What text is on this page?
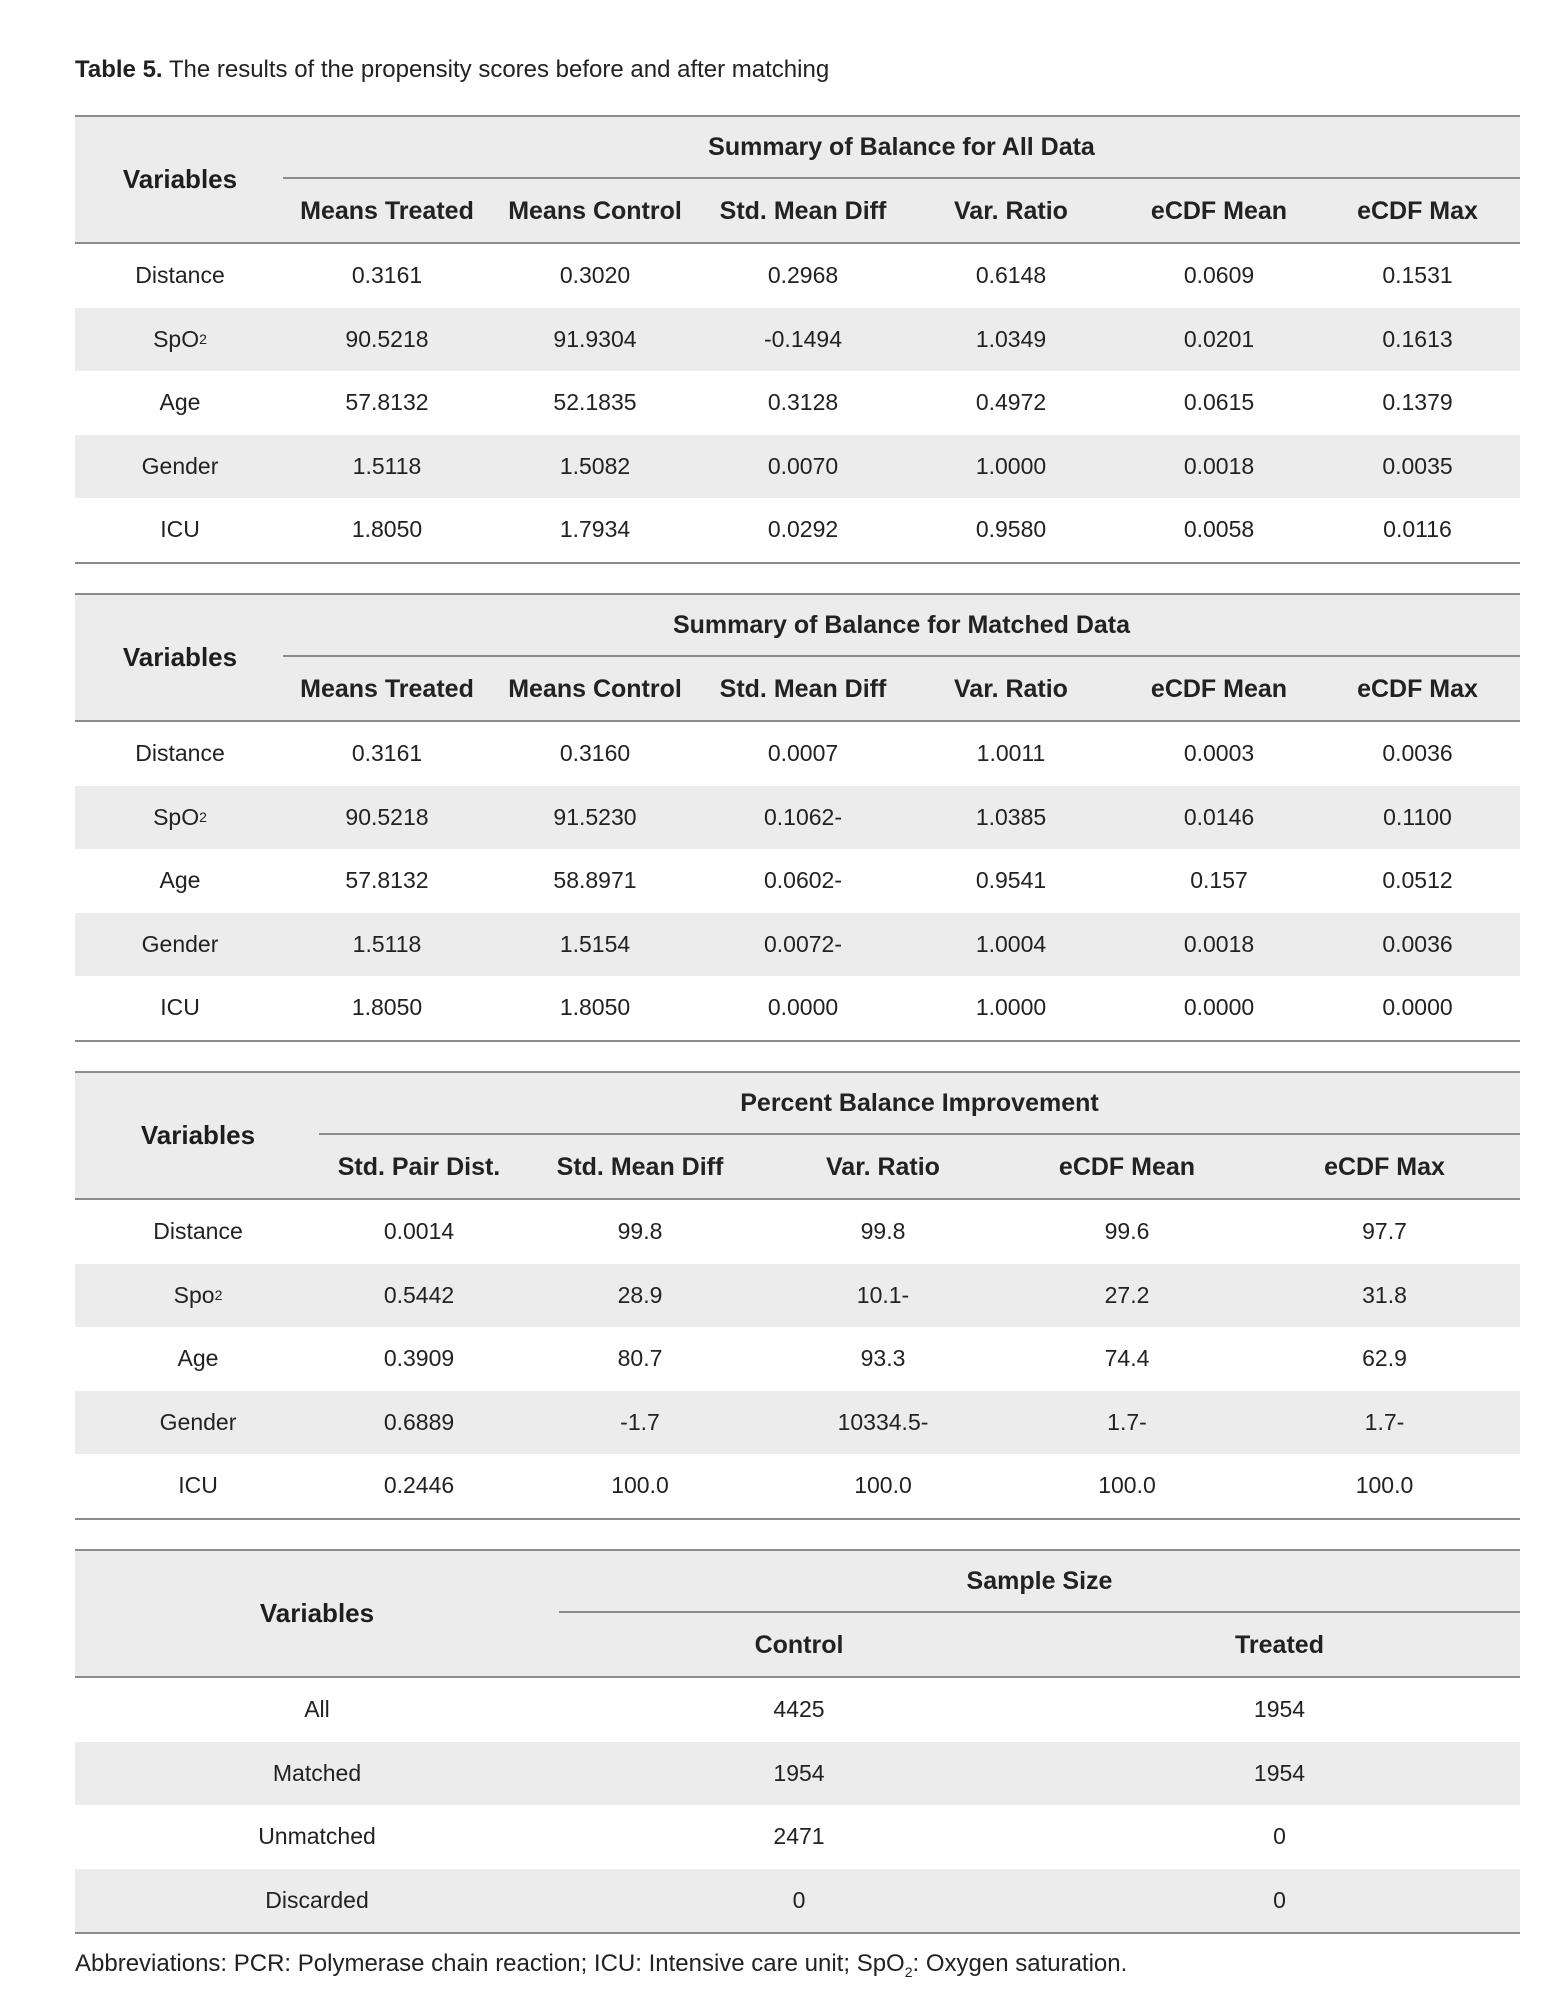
Table 5. The results of the propensity scores before and after matching
Variables
Summary of Balance for All Data
Means Treated	Means Control	Std. Mean Diff	Var. Ratio	eCDF Mean	eCDF Max
Distance	0.3161	0.3020	0.2968	0.6148	0.0609	0.1531
SpO 2	90.5218	91.9304	-0.1494	1.0349	0.0201	0.1613
Age	57.8132	52.1835	0.3128	0.4972	0.0615	0.1379
Gender	1.5118	1.5082	0.0070	1.0000	0.0018	0.0035
ICU	1.8050	1.7934	0.0292	0.9580	0.0058	0.0116
Variables
Summary of Balance for Matched Data
Means Treated	Means Control	Std. Mean Diff	Var. Ratio	eCDF Mean	eCDF Max
Distance	0.3161	0.3160	0.0007	1.0011	0.0003	0.0036
SpO 2	90.5218	91.5230	0.1062-	1.0385	0.0146	0.1100
Age	57.8132	58.8971	0.0602-	0.9541	0.157	0.0512
Gender	1.5118	1.5154	0.0072-	1.0004	0.0018	0.0036
ICU	1.8050	1.8050	0.0000	1.0000	0.0000	0.0000
Variables
Percent Balance Improvement
Std. Pair Dist.	Std. Mean Diff	Var. Ratio	eCDF Mean	eCDF Max
Distance	0.0014	99.8	99.8	99.6	97.7
Spo 2	0.5442	28.9	10.1-	27.2	31.8
Age	0.3909	80.7	93.3	74.4	62.9
Gender	0.6889	-1.7	10334.5-	1.7-	1.7-
ICU	0.2446	100.0	100.0	100.0	100.0
Variables
Sample Size
Control	Treated
All	4425	1954
Matched	1954	1954
Unmatched	2471	0
Discarded	0	0
Abbreviations: PCR: Polymerase chain reaction; ICU: Intensive care unit; SpO$_2$: Oxygen saturation.
